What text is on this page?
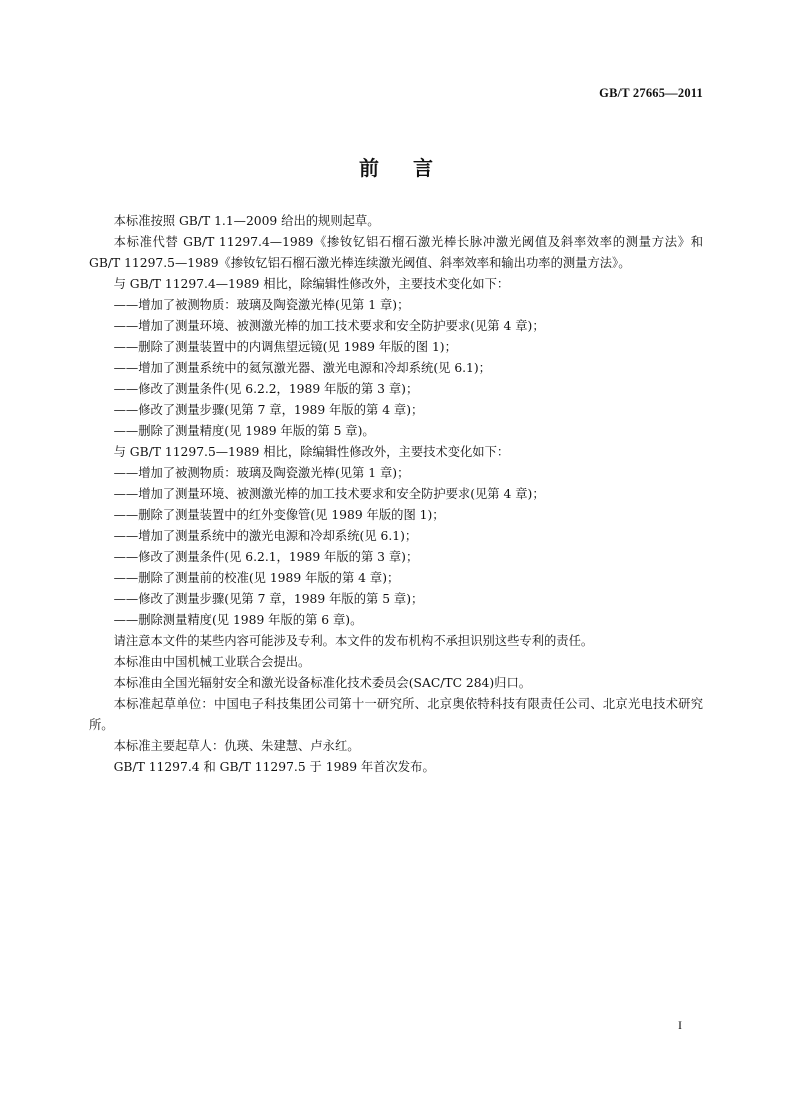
GB/T 27665—2011
前言

本标准按照 GB/T 1.1—2009 给出的规则起草。

本标准代替 GB/T 11297.4—1989《掺钕钇铝石榴石激光棒长脉冲激光阈值及斜率效率的测量方法》和 GB/T 11297.5—1989《掺钕钇铝石榴石激光棒连续激光阈值、斜率效率和输出功率的测量方法》。

与 GB/T 11297.4—1989 相比，除编辑性修改外，主要技术变化如下：

——增加了被测物质：玻璃及陶瓷激光棒(见第 1 章)；

——增加了测量环境、被测激光棒的加工技术要求和安全防护要求(见第 4 章)；

——删除了测量装置中的内调焦望远镜(见 1989 年版的图 1)；

——增加了测量系统中的氦氖激光器、激光电源和冷却系统(见 6.1)；

——修改了测量条件(见 6.2.2，1989 年版的第 3 章)；

——修改了测量步骤(见第 7 章，1989 年版的第 4 章)；

——删除了测量精度(见 1989 年版的第 5 章)。

与 GB/T 11297.5—1989 相比，除编辑性修改外，主要技术变化如下：

——增加了被测物质：玻璃及陶瓷激光棒(见第 1 章)；

——增加了测量环境、被测激光棒的加工技术要求和安全防护要求(见第 4 章)；

——删除了测量装置中的红外变像管(见 1989 年版的图 1)；

——增加了测量系统中的激光电源和冷却系统(见 6.1)；

——修改了测量条件(见 6.2.1，1989 年版的第 3 章)；

——删除了测量前的校准(见 1989 年版的第 4 章)；

——修改了测量步骤(见第 7 章，1989 年版的第 5 章)；

——删除测量精度(见 1989 年版的第 6 章)。

请注意本文件的某些内容可能涉及专利。本文件的发布机构不承担识别这些专利的责任。

本标准由中国机械工业联合会提出。

本标准由全国光辐射安全和激光设备标准化技术委员会(SAC/TC 284)归口。

本标准起草单位：中国电子科技集团公司第十一研究所、北京奥依特科技有限责任公司、北京光电技术研究所。

本标准主要起草人：仇瑛、朱建慧、卢永红。

GB/T 11297.4 和 GB/T 11297.5 于 1989 年首次发布。

I
